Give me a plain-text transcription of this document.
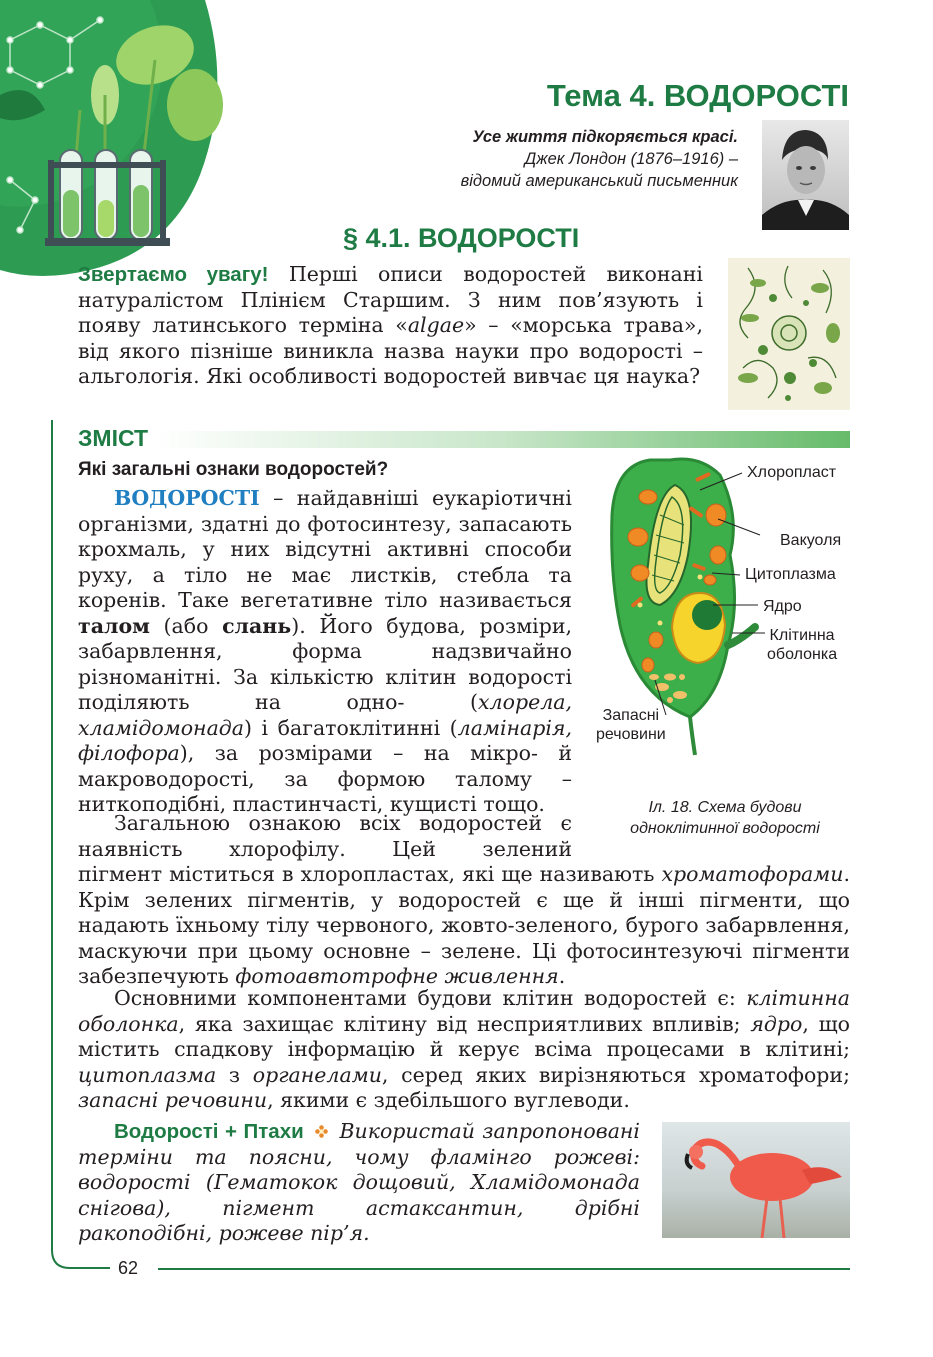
Тема 4. ВОДОРОСТІ
Усе життя підкоряється красі.
Джек Лондон (1876–1916) –
відомий американський письменник
§ 4.1. ВОДОРОСТІ

Звертаємо увагу! Перші описи водоростей виконані натуралістом Плінієм Старшим. З ним пов’язують і появу латинського терміна «algae» – «морська трава», від якого пізніше виникла назва науки про водорості – альгологія. Які особливості водоростей вивчає ця наука?

ЗМІСТ
Які загальні ознаки водоростей?

ВОДОРОСТІ – найдавніші еукаріотичні організми, здатні до фотосинтезу, запасають крохмаль, у них відсутні активні способи руху, а тіло не має листків, стебла та коренів. Таке вегетативне тіло називається талом (або слань). Його будова, розміри, забарвлення, форма надзвичайно різноманітні. За кількістю клітин водорості поділяють на одно- (хлорела, хламідомонада) і багатоклітинні (ламінарія, філофора), за розмірами – на мікро- й макроводорості, за формою талому – ниткоподібні, пластинчасті, кущисті тощо.

Загальною ознакою всіх водоростей є наявність хлорофілу. Цей зелений

пігмент міститься в хлоропластах, які ще називають хроматофорами. Крім зелених пігментів, у водоростей є ще й інші пігменти, що надають їхньому тілу червоного, жовто-зеленого, бурого забарвлення, маскуючи при цьому основне – зелене. Ці фотосинтезуючі пігменти забезпечують фотоавтотрофне живлення.

Основними компонентами будови клітин водоростей є: клітинна оболонка, яка захищає клітину від несприятливих впливів; ядро, що містить спадкову інформацію й керує всіма процесами в клітині; цитоплазма з органелами, серед яких вирізняються хроматофори; запасні речовини, якими є здебільшого вуглеводи.

Хлоропласт
Вакуоля
Цитоплазма
Ядро
Клітинна
оболонка
Запасні
речовини
Іл. 18. Схема будови
одноклітинної водорості

Водорості + Птахи Використай запропоновані терміни та поясни, чому фламінго рожеві: водорості (Гематокок дощовий, Хламідомонада снігова), пігмент астаксантин, дрібні ракоподібні, рожеве пір’я.

62
